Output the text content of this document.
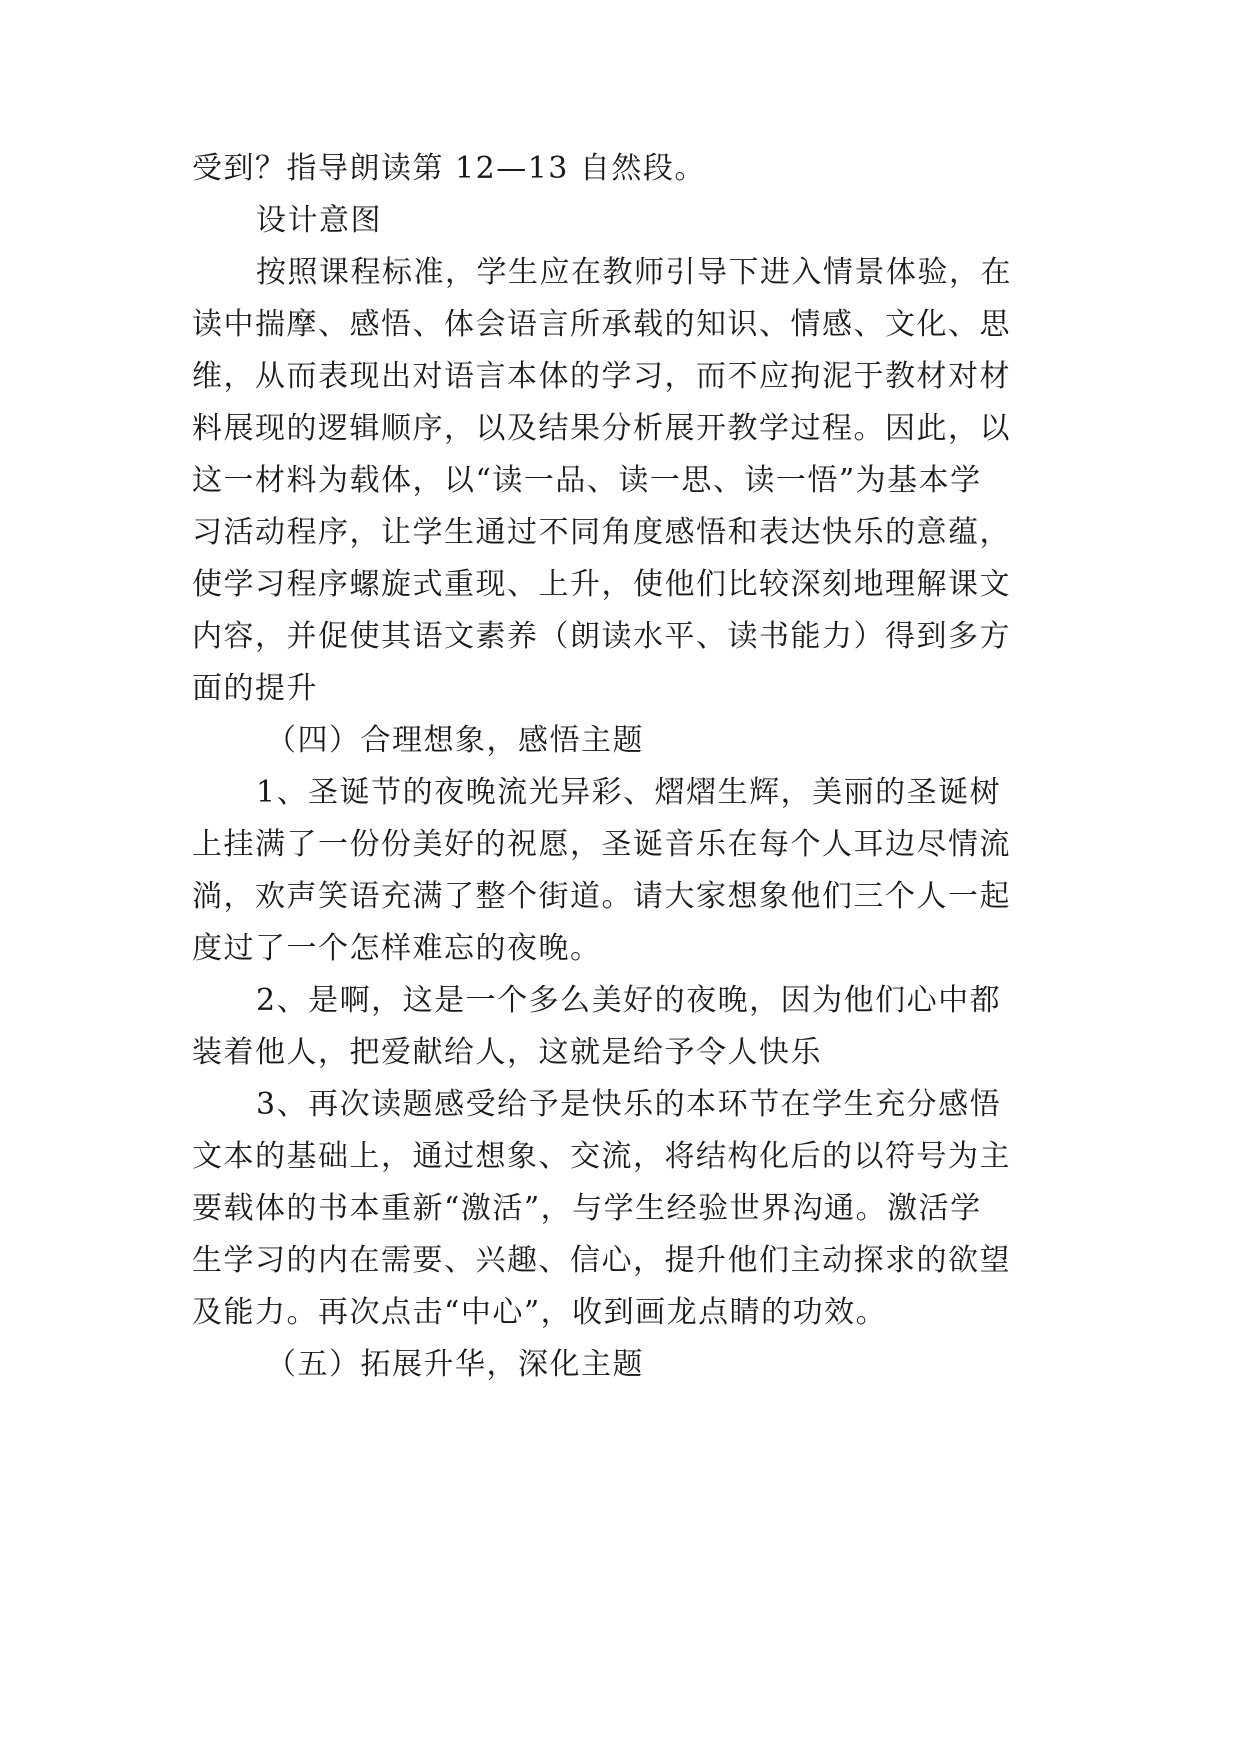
受到？指导朗读第 12—13 自然段。
设计意图
按照课程标准，学生应在教师引导下进入情景体验，在
读中揣摩、感悟、体会语言所承载的知识、情感、文化、思
维，从而表现出对语言本体的学习，而不应拘泥于教材对材
料展现的逻辑顺序，以及结果分析展开教学过程。因此，以
这一材料为载体，以“读一品、读一思、读一悟”为基本学
习活动程序，让学生通过不同角度感悟和表达快乐的意蕴，
使学习程序螺旋式重现、上升，使他们比较深刻地理解课文
内容，并促使其语文素养（朗读水平、读书能力）得到多方
面的提升
（四）合理想象，感悟主题
1、圣诞节的夜晚流光异彩、熠熠生辉，美丽的圣诞树
上挂满了一份份美好的祝愿，圣诞音乐在每个人耳边尽情流
淌，欢声笑语充满了整个街道。请大家想象他们三个人一起
度过了一个怎样难忘的夜晚。
2、是啊，这是一个多么美好的夜晚，因为他们心中都
装着他人，把爱献给人，这就是给予令人快乐
3、再次读题感受给予是快乐的本环节在学生充分感悟
文本的基础上，通过想象、交流，将结构化后的以符号为主
要载体的书本重新“激活”，与学生经验世界沟通。激活学
生学习的内在需要、兴趣、信心，提升他们主动探求的欲望
及能力。再次点击“中心”，收到画龙点睛的功效。
（五）拓展升华，深化主题
